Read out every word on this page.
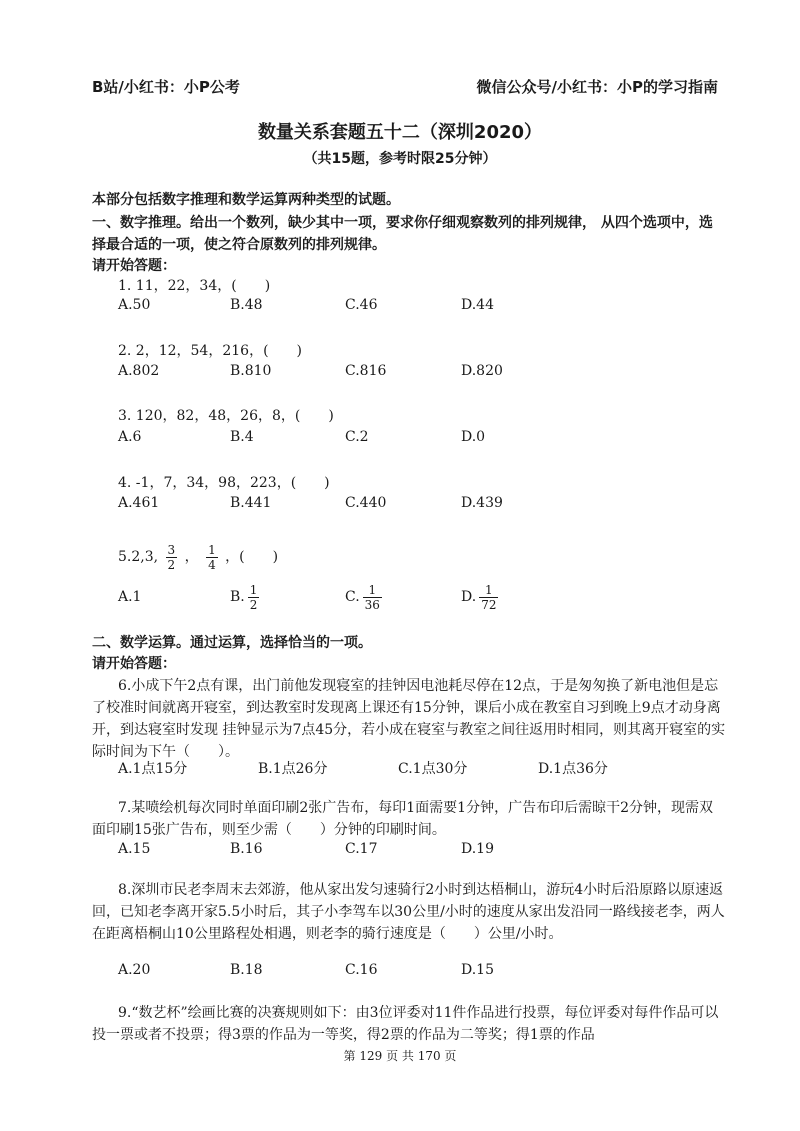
B站/小红书：小P公考	微信公众号/小红书：小P的学习指南
数量关系套题五十二（深圳2020）
（共15题，参考时限25分钟）
本部分包括数字推理和数学运算两种类型的试题。
一、数字推理。给出一个数列，缺少其中一项，要求你仔细观察数列的排列规律， 从四个选项中，选择最合适的一项，使之符合原数列的排列规律。
请开始答题：
1. 11，22，34，(　　)
A.50	B.48	C.46	D.44
2. 2，12，54，216，(　　)
A.802	B.810	C.816	D.820
3. 120，82，48，26，8，(　　)
A.6	B.4	C.2	D.0
4. -1，7，34，98，223，(　　)
A.461	B.441	C.440	D.439
5.2,3, $\frac{3}{2}$ ， $\frac{1}{4}$ ，(　　)
A.1	B. $\frac{1}{2}$	C. $\frac{1}{36}$	D. $\frac{1}{72}$
二、数学运算。通过运算，选择恰当的一项。
请开始答题：
6.小成下午2点有课，出门前他发现寝室的挂钟因电池耗尽停在12点，于是匆匆换了新电池但是忘了校准时间就离开寝室，到达教室时发现离上课还有15分钟，课后小成在教室自习到晚上9点才动身离开，到达寝室时发现 挂钟显示为7点45分，若小成在寝室与教室之间往返用时相同，则其离开寝室的实际时间为下午（　　）。
A.1点15分	B.1点26分	C.1点30分	D.1点36分
7.某喷绘机每次同时单面印刷2张广告布，每印1面需要1分钟，广告布印后需晾干2分钟，现需双面印刷15张广告布，则至少需（　　）分钟的印刷时间。
A.15	B.16	C.17	D.19
8.深圳市民老李周末去郊游，他从家出发匀速骑行2小时到达梧桐山，游玩4小时后沿原路以原速返回，已知老李离开家5.5小时后，其子小李驾车以30公里/小时的速度从家出发沿同一路线接老李，两人在距离梧桐山10公里路程处相遇，则老李的骑行速度是（　　）公里/小时。
A.20	B.18	C.16	D.15
9.“数艺杯”绘画比赛的决赛规则如下：由3位评委对11件作品进行投票，每位评委对每件作品可以投一票或者不投票；得3票的作品为一等奖，得2票的作品为二等奖；得1票的作品
第 129 页 共 170 页
